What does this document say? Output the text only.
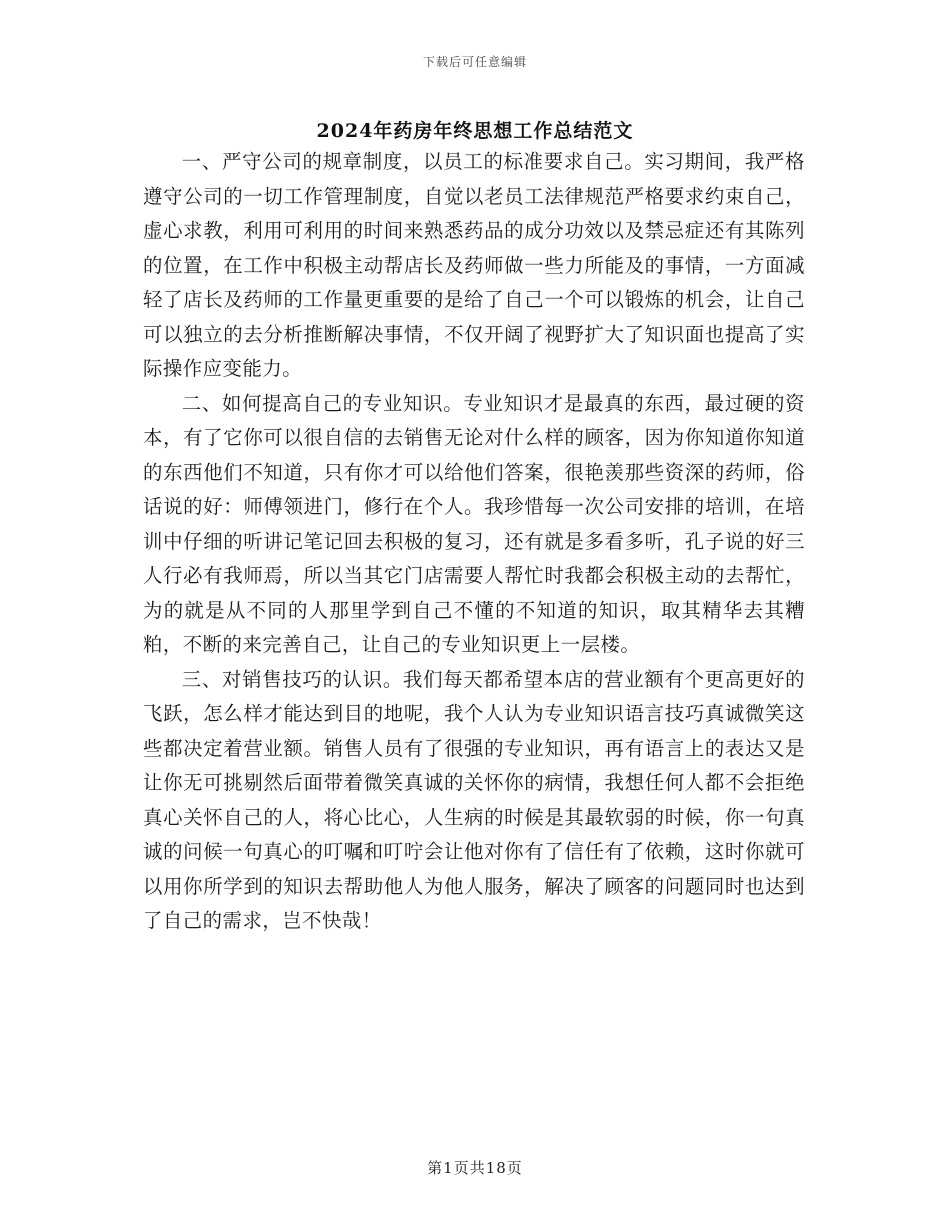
下载后可任意编辑
2024年药房年终思想工作总结范文

一、严守公司的规章制度，以员工的标准要求自己。实习期间，我严格遵守公司的一切工作管理制度，自觉以老员工法律规范严格要求约束自己，虚心求教，利用可利用的时间来熟悉药品的成分功效以及禁忌症还有其陈列的位置，在工作中积极主动帮店长及药师做一些力所能及的事情，一方面减轻了店长及药师的工作量更重要的是给了自己一个可以锻炼的机会，让自己可以独立的去分析推断解决事情，不仅开阔了视野扩大了知识面也提高了实际操作应变能力。

二、如何提高自己的专业知识。专业知识才是最真的东西，最过硬的资本，有了它你可以很自信的去销售无论对什么样的顾客，因为你知道你知道的东西他们不知道，只有你才可以给他们答案，很艳羡那些资深的药师，俗话说的好：师傅领进门，修行在个人。我珍惜每一次公司安排的培训，在培训中仔细的听讲记笔记回去积极的复习，还有就是多看多听，孔子说的好三人行必有我师焉，所以当其它门店需要人帮忙时我都会积极主动的去帮忙，为的就是从不同的人那里学到自己不懂的不知道的知识，取其精华去其糟粕，不断的来完善自己，让自己的专业知识更上一层楼。

三、对销售技巧的认识。我们每天都希望本店的营业额有个更高更好的飞跃，怎么样才能达到目的地呢，我个人认为专业知识语言技巧真诚微笑这些都决定着营业额。销售人员有了很强的专业知识，再有语言上的表达又是让你无可挑剔然后面带着微笑真诚的关怀你的病情，我想任何人都不会拒绝真心关怀自己的人，将心比心，人生病的时候是其最软弱的时候，你一句真诚的问候一句真心的叮嘱和叮咛会让他对你有了信任有了依赖，这时你就可以用你所学到的知识去帮助他人为他人服务，解决了顾客的问题同时也达到了自己的需求，岂不快哉！

第1页共18页
